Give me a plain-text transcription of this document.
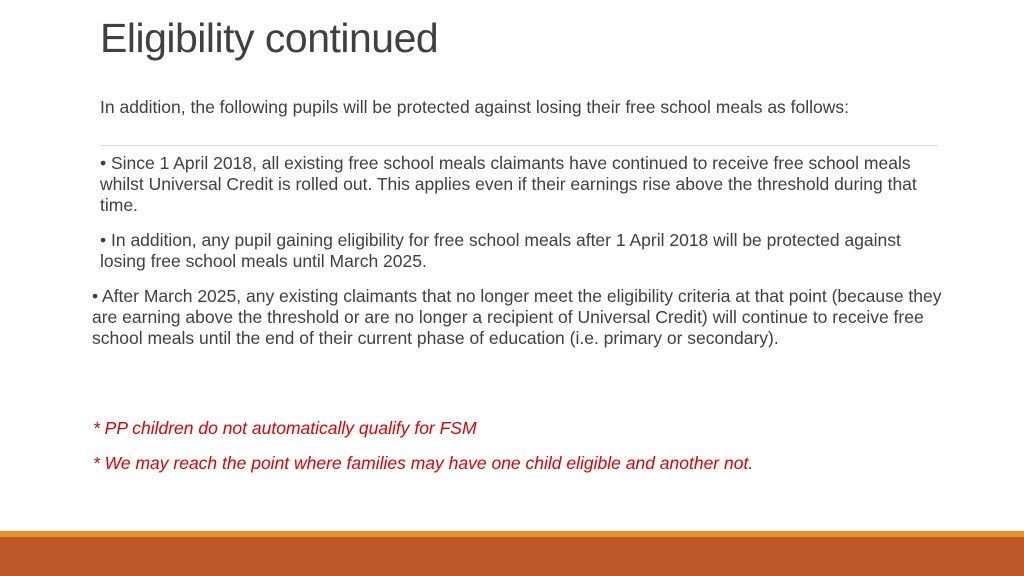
Eligibility continued

In addition, the following pupils will be protected against losing their free school meals as follows:

• Since 1 April 2018, all existing free school meals claimants have continued to receive free school meals whilst Universal Credit is rolled out. This applies even if their earnings rise above the threshold during that time.

• In addition, any pupil gaining eligibility for free school meals after 1 April 2018 will be protected against losing free school meals until March 2025.

• After March 2025, any existing claimants that no longer meet the eligibility criteria at that point (because they are earning above the threshold or are no longer a recipient of Universal Credit) will continue to receive free school meals until the end of their current phase of education (i.e. primary or secondary).

* PP children do not automatically qualify for FSM

* We may reach the point where families may have one child eligible and another not.
